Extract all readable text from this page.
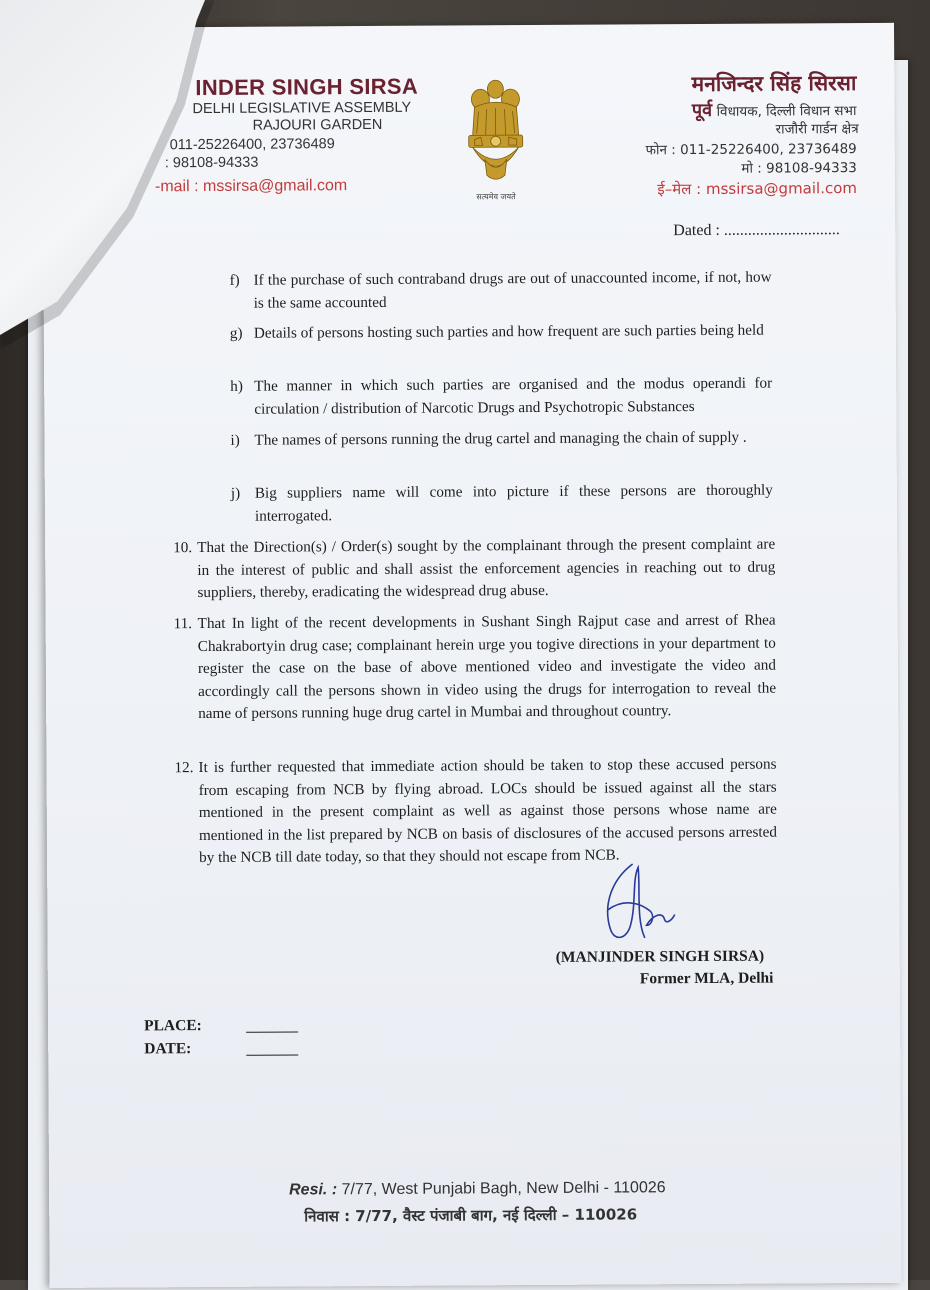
INDER SINGH SIRSA
DELHI LEGISLATIVE ASSEMBLY
RAJOURI GARDEN
011-25226400, 23736489
: 98108-94333
-mail : mssirsa@gmail.com
सत्यमेव जयते
मनजिन्दर सिंह सिरसा
पूर्व विधायक, दिल्ली विधान सभा
राजौरी गार्डन क्षेत्र
फोन : 011-25226400, 23736489
मो : 98108-94333
ई–मेल : mssirsa@gmail.com
Dated : .............................
f) If the purchase of such contraband drugs are out of unaccounted income, if not, how is the same accounted
g) Details of persons hosting such parties and how frequent are such parties being held
h) The manner in which such parties are organised and the modus operandi for circulation / distribution of Narcotic Drugs and Psychotropic Substances
i) The names of persons running the drug cartel and managing the chain of supply .
j) Big suppliers name will come into picture if these persons are thoroughly interrogated.
10. That the Direction(s) / Order(s) sought by the complainant through the present complaint are in the interest of public and shall assist the enforcement agencies in reaching out to drug suppliers, thereby, eradicating the widespread drug abuse.
11. That In light of the recent developments in Sushant Singh Rajput case and arrest of Rhea Chakrabortyin drug case; complainant herein urge you togive directions in your department to register the case on the base of above mentioned video and investigate the video and accordingly call the persons shown in video using the drugs for interrogation to reveal the name of persons running huge drug cartel in Mumbai and throughout country.
12. It is further requested that immediate action should be taken to stop these accused persons from escaping from NCB by flying abroad. LOCs should be issued against all the stars mentioned in the present complaint as well as against those persons whose name are mentioned in the list prepared by NCB on basis of disclosures of the accused persons arrested by the NCB till date today, so that they should not escape from NCB.
(MANJINDER SINGH SIRSA)
Former MLA, Delhi
PLACE:
DATE:
Resi. : 7/77, West Punjabi Bagh, New Delhi - 110026
निवास : 7/77, वैस्ट पंजाबी बाग, नई दिल्ली – 110026
